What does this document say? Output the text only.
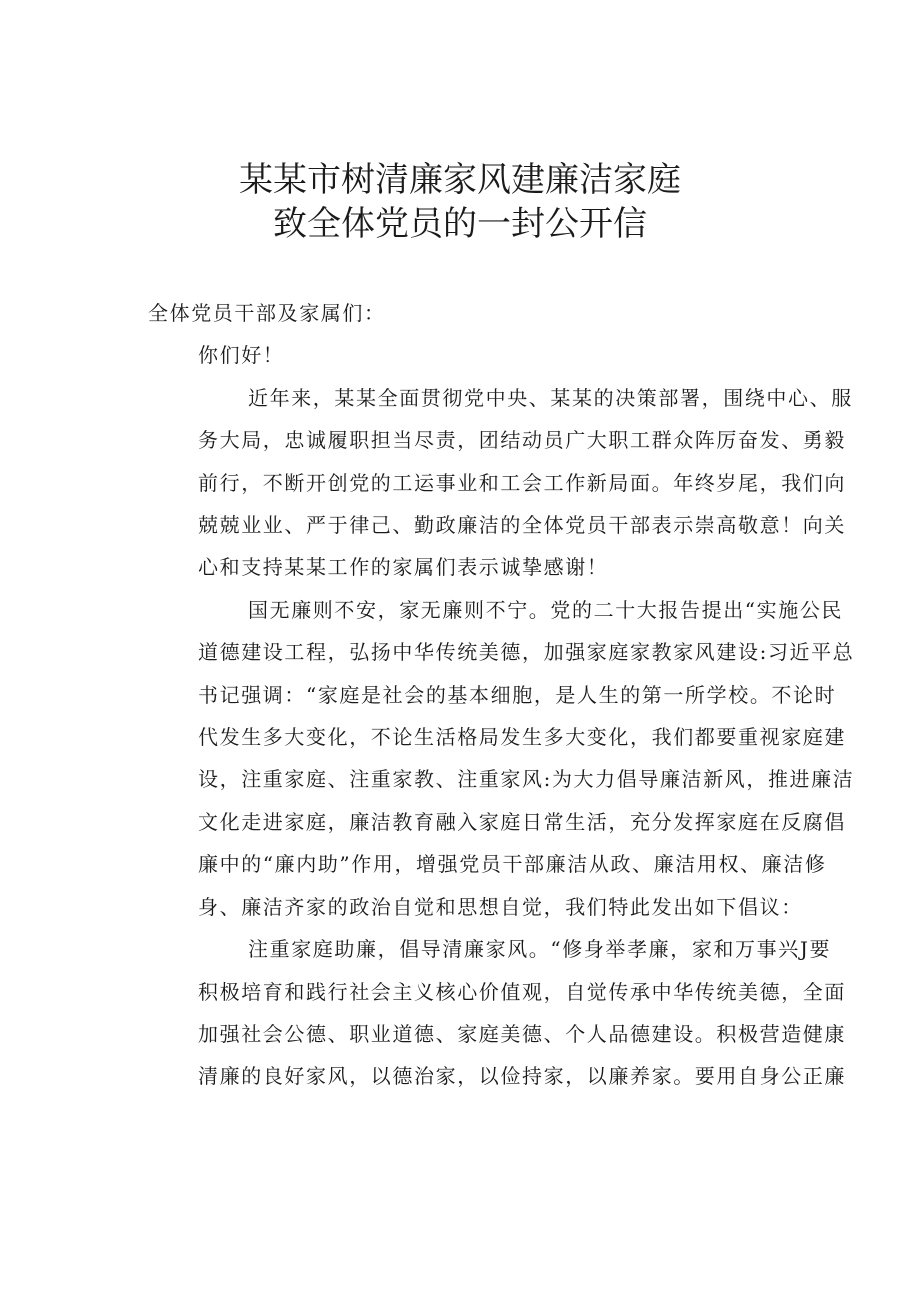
某某市树清廉家风建廉洁家庭
致全体党员的一封公开信

全体党员干部及家属们：

你们好！

近年来，某某全面贯彻党中央、某某的决策部署，围绕中心、服
务大局，忠诚履职担当尽责，团结动员广大职工群众阵厉奋发、勇毅
前行，不断开创党的工运事业和工会工作新局面。年终岁尾，我们向
兢兢业业、严于律己、勤政廉洁的全体党员干部表示崇高敬意！向关
心和支持某某工作的家属们表示诚挚感谢！
国无廉则不安，家无廉则不宁。党的二十大报告提出“实施公民
道德建设工程，弘扬中华传统美德，加强家庭家教家风建设:习近平总
书记强调：“家庭是社会的基本细胞，是人生的第一所学校。不论时
代发生多大变化，不论生活格局发生多大变化，我们都要重视家庭建
设，注重家庭、注重家教、注重家风:为大力倡导廉洁新风，推进廉洁
文化走进家庭，廉洁教育融入家庭日常生活，充分发挥家庭在反腐倡
廉中的“廉内助”作用，增强党员干部廉洁从政、廉洁用权、廉洁修
身、廉洁齐家的政治自觉和思想自觉，我们特此发出如下倡议：
注重家庭助廉，倡导清廉家风。“修身举孝廉，家和万事兴J要
积极培育和践行社会主义核心价值观，自觉传承中华传统美德，全面
加强社会公德、职业道德、家庭美德、个人品德建设。积极营造健康
清廉的良好家风，以德治家，以俭持家，以廉养家。要用自身公正廉
